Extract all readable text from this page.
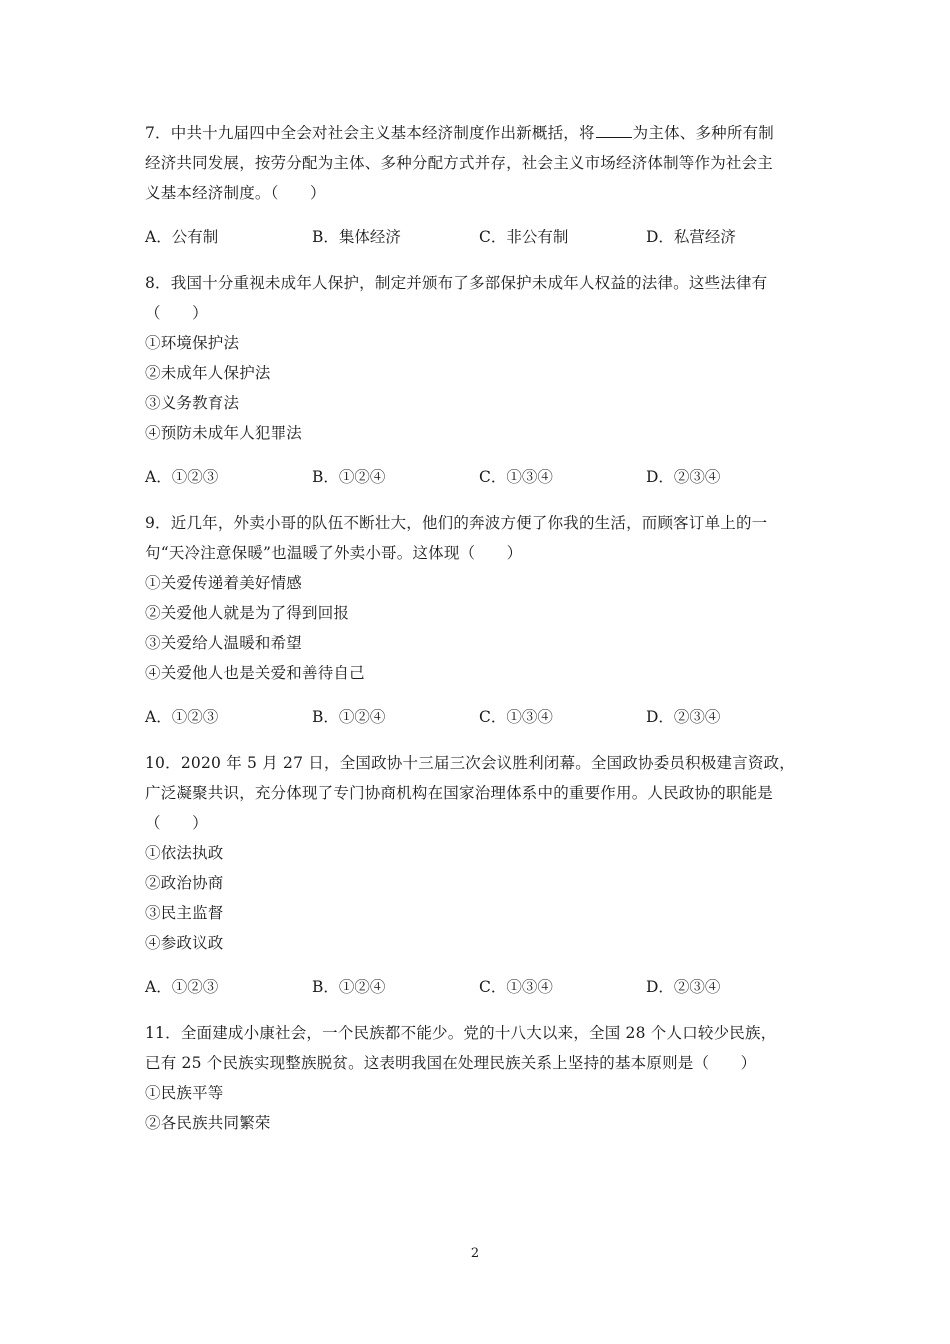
7．中共十九届四中全会对社会主义基本经济制度作出新概括，将 为主体、多种所有制
经济共同发展，按劳分配为主体、多种分配方式并存，社会主义市场经济体制等作为社会主
义基本经济制度。（　　）
A．公有制	B．集体经济	C．非公有制	D．私营经济
8．我国十分重视未成年人保护，制定并颁布了多部保护未成年人权益的法律。这些法律有
（　　）
①环境保护法
②未成年人保护法
③义务教育法
④预防未成年人犯罪法
A．①②③	B．①②④	C．①③④	D．②③④
9．近几年，外卖小哥的队伍不断壮大，他们的奔波方便了你我的生活，而顾客订单上的一
句“天冷注意保暖”也温暖了外卖小哥。这体现（　　）
①关爱传递着美好情感
②关爱他人就是为了得到回报
③关爱给人温暖和希望
④关爱他人也是关爱和善待自己
A．①②③	B．①②④	C．①③④	D．②③④
10．2020 年 5 月 27 日，全国政协十三届三次会议胜利闭幕。全国政协委员积极建言资政，
广泛凝聚共识，充分体现了专门协商机构在国家治理体系中的重要作用。人民政协的职能是
（　　）
①依法执政
②政治协商
③民主监督
④参政议政
A．①②③	B．①②④	C．①③④	D．②③④
11．全面建成小康社会，一个民族都不能少。党的十八大以来，全国 28 个人口较少民族，
已有 25 个民族实现整族脱贫。这表明我国在处理民族关系上坚持的基本原则是（　　）
①民族平等
②各民族共同繁荣
2
